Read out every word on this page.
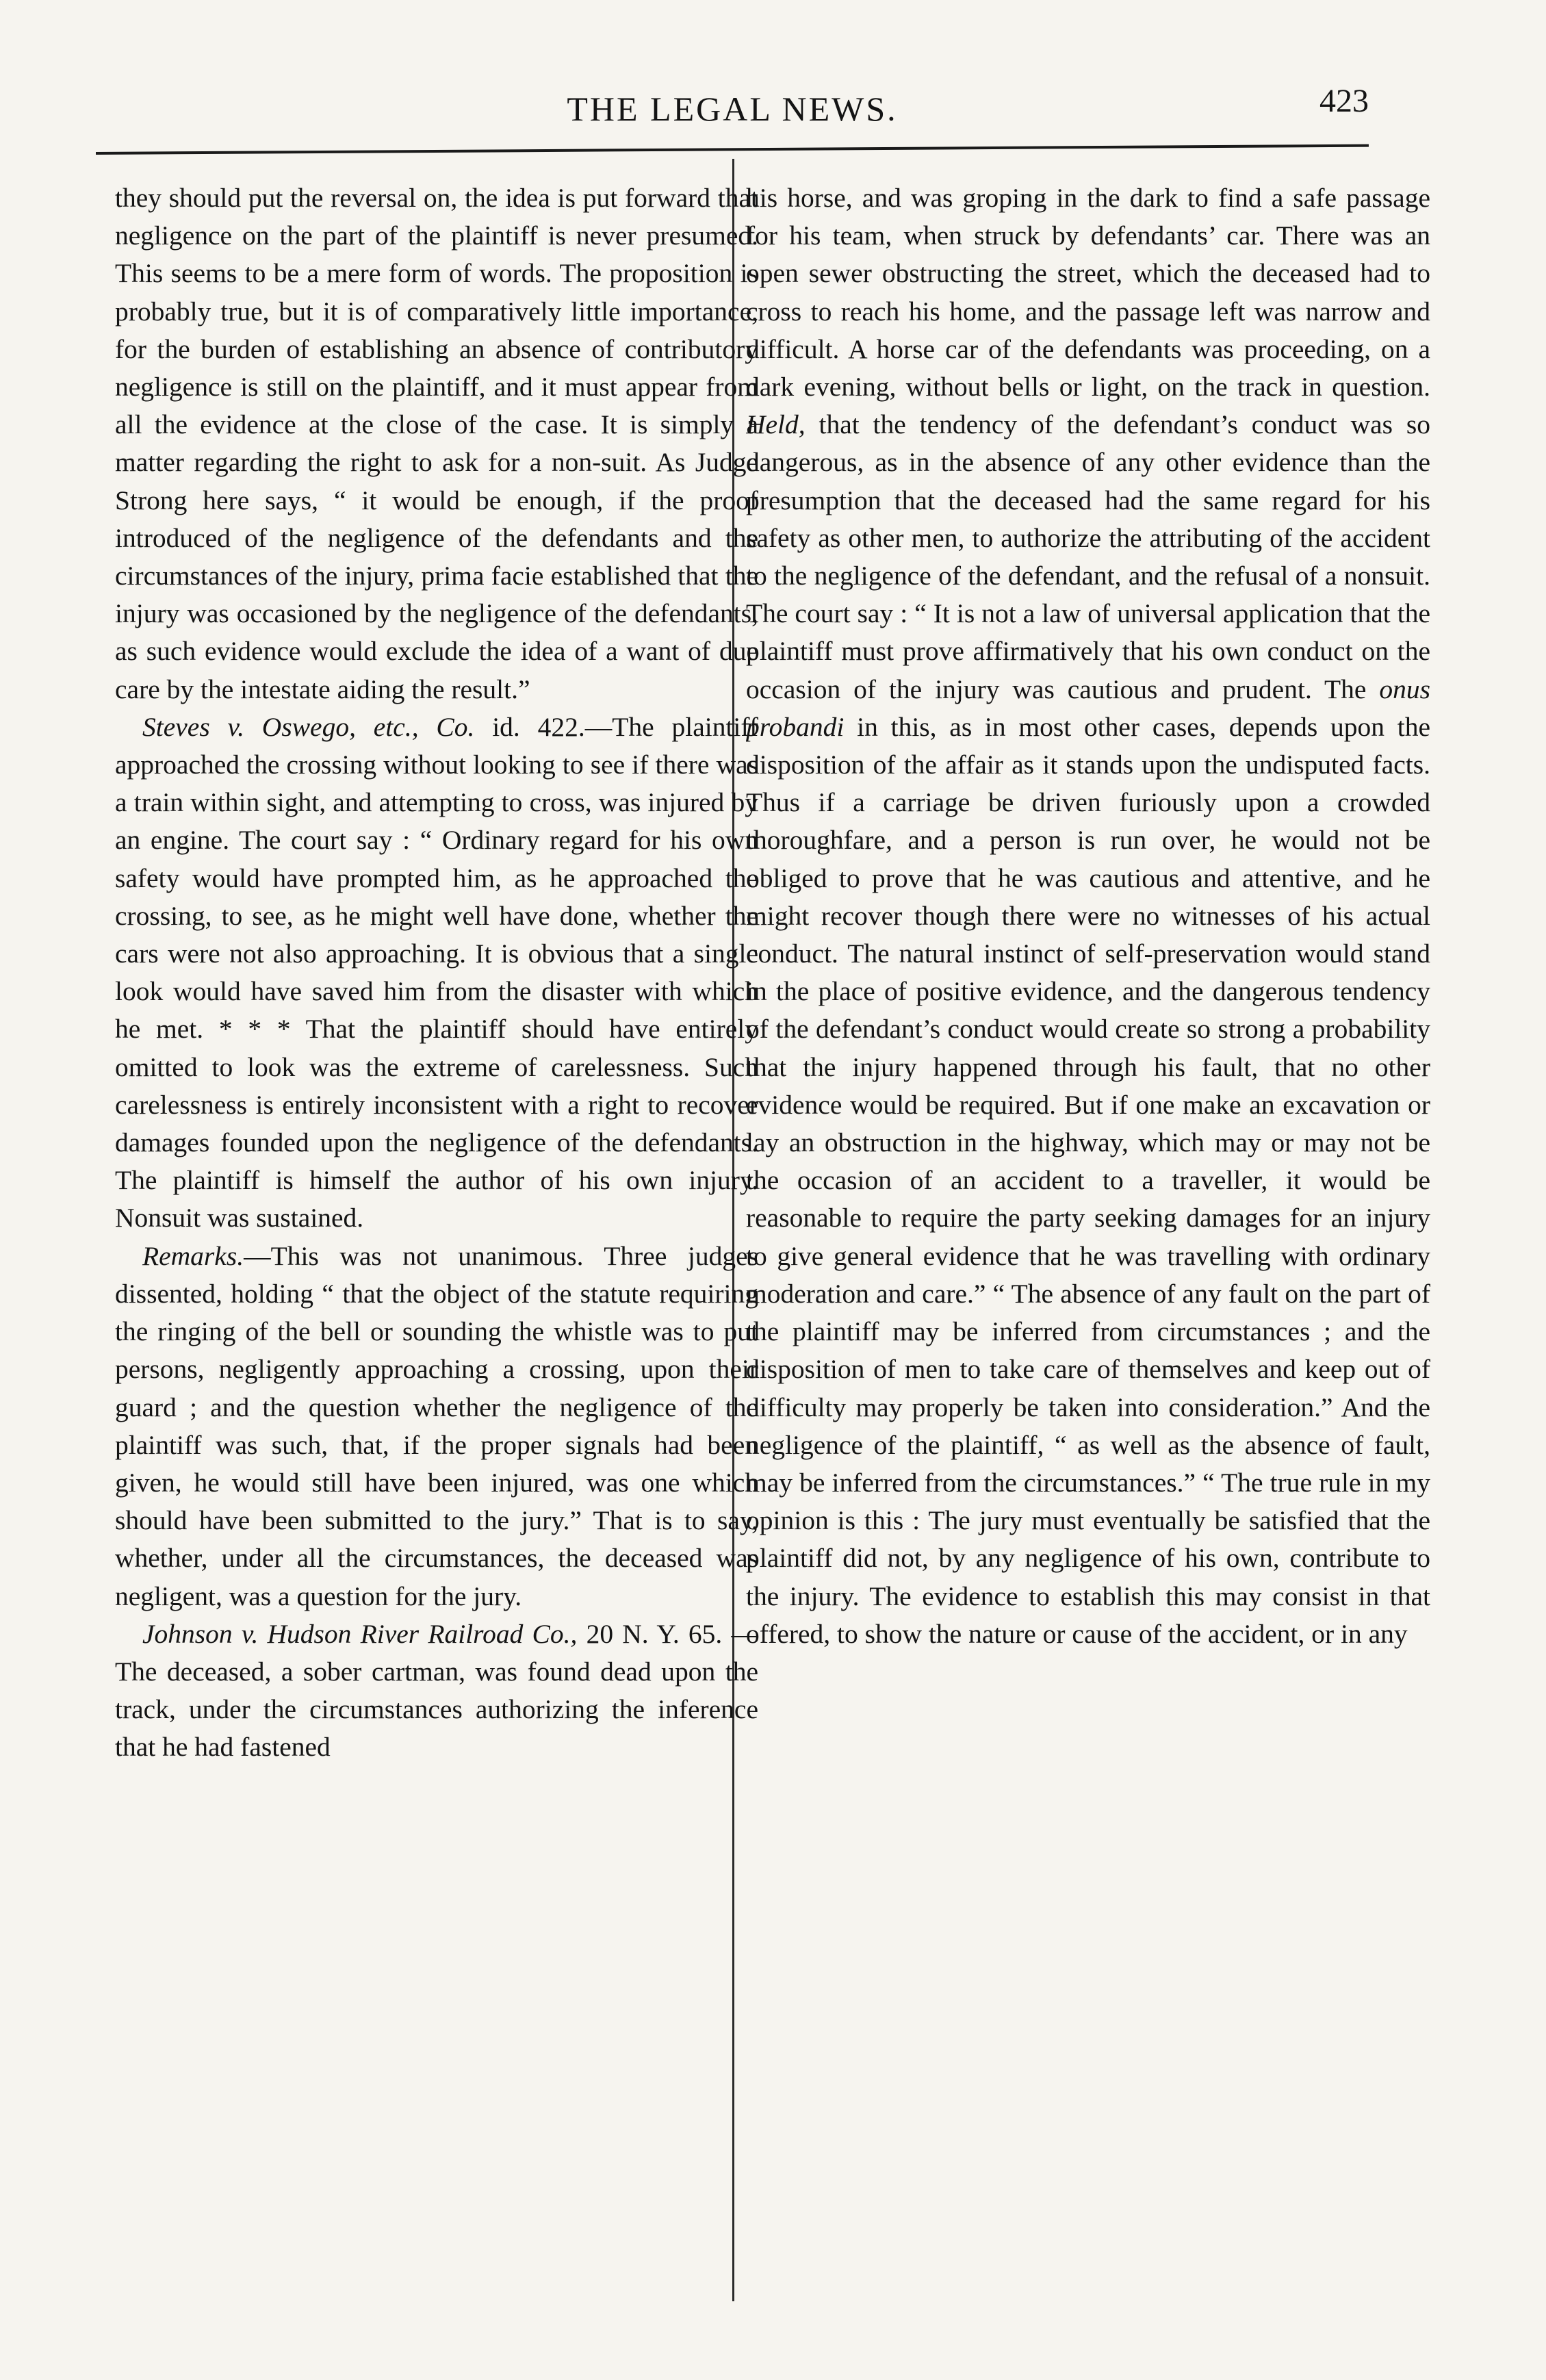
THE LEGAL NEWS.	423

they should put the reversal on, the idea is put forward that negligence on the part of the plaintiff is never presumed. This seems to be a mere form of words. The proposition is probably true, but it is of comparatively little importance, for the burden of establishing an absence of contributory negligence is still on the plaintiff, and it must appear from all the evidence at the close of the case. It is simply a matter regarding the right to ask for a non-suit. As Judge Strong here says, “ it would be enough, if the proof introduced of the negligence of the defendants and the circumstances of the injury, prima facie established that the injury was occasioned by the negligence of the defendants, as such evidence would exclude the idea of a want of due care by the intestate aiding the result.”

Steves v. Oswego, etc., Co. id. 422.—The plaintiff approached the crossing without looking to see if there was a train within sight, and attempting to cross, was injured by an engine. The court say : “ Ordinary regard for his own safety would have prompted him, as he approached the crossing, to see, as he might well have done, whether the cars were not also approaching. It is obvious that a single look would have saved him from the disaster with which he met. * * * That the plaintiff should have entirely omitted to look was the extreme of carelessness. Such carelessness is entirely inconsistent with a right to recover damages founded upon the negligence of the defendants. The plaintiff is himself the author of his own injury. Nonsuit was sustained.

Remarks.—This was not unanimous. Three judges dissented, holding “ that the object of the statute requiring the ringing of the bell or sounding the whistle was to put persons, negligently approaching a crossing, upon their guard ; and the question whether the negligence of the plaintiff was such, that, if the proper signals had been given, he would still have been injured, was one which should have been submitted to the jury.” That is to say, whether, under all the circumstances, the deceased was negligent, was a question for the jury.

Johnson v. Hudson River Railroad Co., 20 N. Y. 65. —The deceased, a sober cartman, was found dead upon the track, under the circumstances authorizing the inference that he had fastened

his horse, and was groping in the dark to find a safe passage for his team, when struck by defendants’ car. There was an open sewer obstructing the street, which the deceased had to cross to reach his home, and the passage left was narrow and difficult. A horse car of the defendants was proceeding, on a dark evening, without bells or light, on the track in question. Held, that the tendency of the defendant’s conduct was so dangerous, as in the absence of any other evidence than the presumption that the deceased had the same regard for his safety as other men, to authorize the attributing of the accident to the negligence of the defendant, and the refusal of a nonsuit. The court say : “ It is not a law of universal application that the plaintiff must prove affirmatively that his own conduct on the occasion of the injury was cautious and prudent. The onus probandi in this, as in most other cases, depends upon the disposition of the affair as it stands upon the undisputed facts. Thus if a carriage be driven furiously upon a crowded thoroughfare, and a person is run over, he would not be obliged to prove that he was cautious and attentive, and he might recover though there were no witnesses of his actual conduct. The natural instinct of self-preservation would stand in the place of positive evidence, and the dangerous tendency of the defendant’s conduct would create so strong a probability that the injury happened through his fault, that no other evidence would be required. But if one make an excavation or lay an obstruction in the highway, which may or may not be the occasion of an accident to a traveller, it would be reasonable to require the party seeking damages for an injury to give general evidence that he was travelling with ordinary moderation and care.” “ The absence of any fault on the part of the plaintiff may be inferred from circumstances ; and the disposition of men to take care of themselves and keep out of difficulty may properly be taken into consideration.” And the negligence of the plaintiff, “ as well as the absence of fault, may be inferred from the circumstances.” “ The true rule in my opinion is this : The jury must eventually be satisfied that the plaintiff did not, by any negligence of his own, contribute to the injury. The evidence to establish this may consist in that offered, to show the nature or cause of the accident, or in any
